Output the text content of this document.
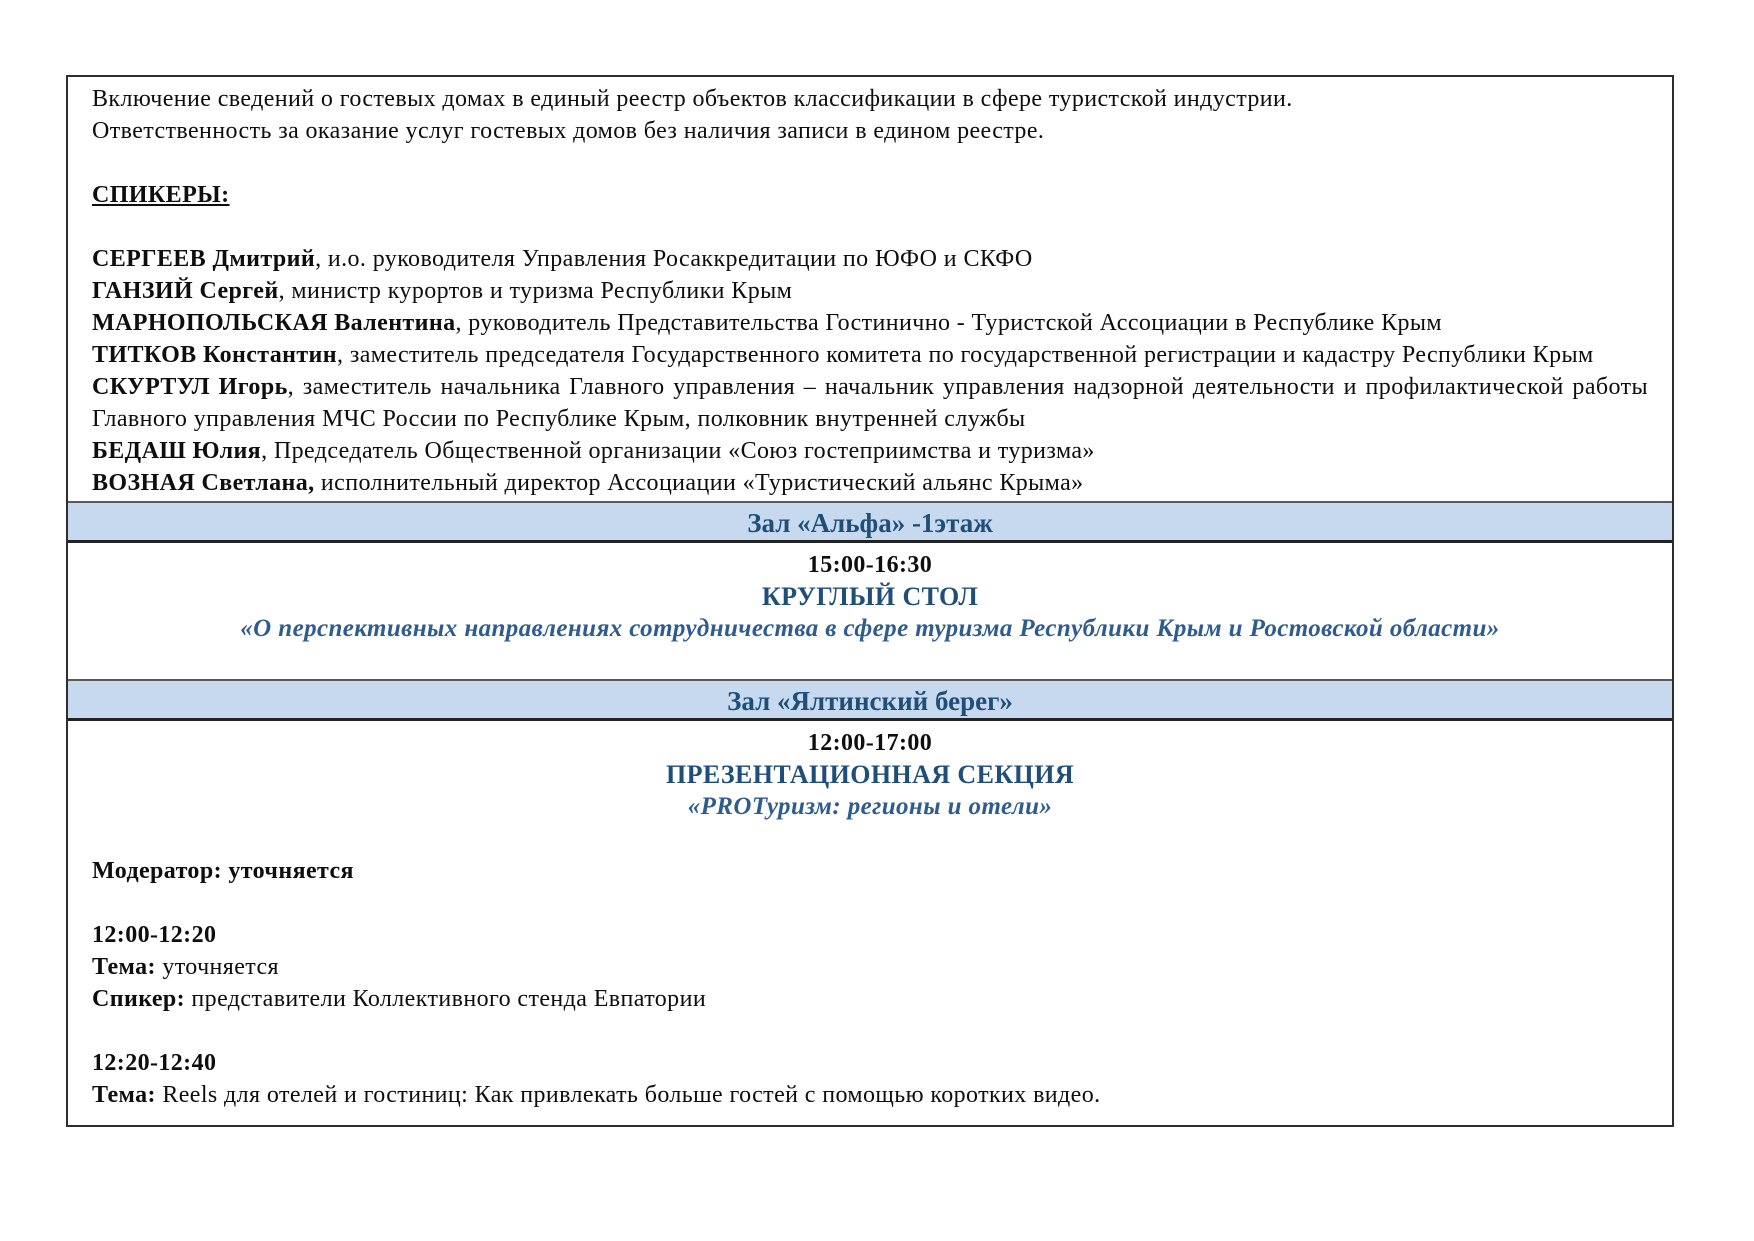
Включение сведений о гостевых домах в единый реестр объектов классификации в сфере туристской индустрии.
Ответственность за оказание услуг гостевых домов без наличия записи в едином реестре.
СПИКЕРЫ:
СЕРГЕЕВ Дмитрий, и.о. руководителя Управления Росаккредитации по ЮФО и СКФО
ГАНЗИЙ Сергей, министр курортов и туризма Республики Крым
МАРНОПОЛЬСКАЯ Валентина, руководитель Представительства Гостинично - Туристской Ассоциации в Республике Крым
ТИТКОВ Константин, заместитель председателя Государственного комитета по государственной регистрации и кадастру Республики Крым
СКУРТУЛ Игорь, заместитель начальника Главного управления – начальник управления надзорной деятельности и профилактической работы Главного управления МЧС России по Республике Крым, полковник внутренней службы
БЕДАШ Юлия, Председатель Общественной организации «Союз гостеприимства и туризма»
ВОЗНАЯ Светлана, исполнительный директор Ассоциации «Туристический альянс Крыма»
Зал «Альфа» -1этаж
15:00-16:30
КРУГЛЫЙ СТОЛ
«О перспективных направлениях сотрудничества в сфере туризма Республики Крым и Ростовской области»
Зал «Ялтинский берег»
12:00-17:00
ПРЕЗЕНТАЦИОННАЯ СЕКЦИЯ
«PROТуризм: регионы и отели»
Модератор: уточняется
12:00-12:20
Тема: уточняется
Спикер: представители Коллективного стенда Евпатории
12:20-12:40
Тема: Reels для отелей и гостиниц: Как привлекать больше гостей с помощью коротких видео.
